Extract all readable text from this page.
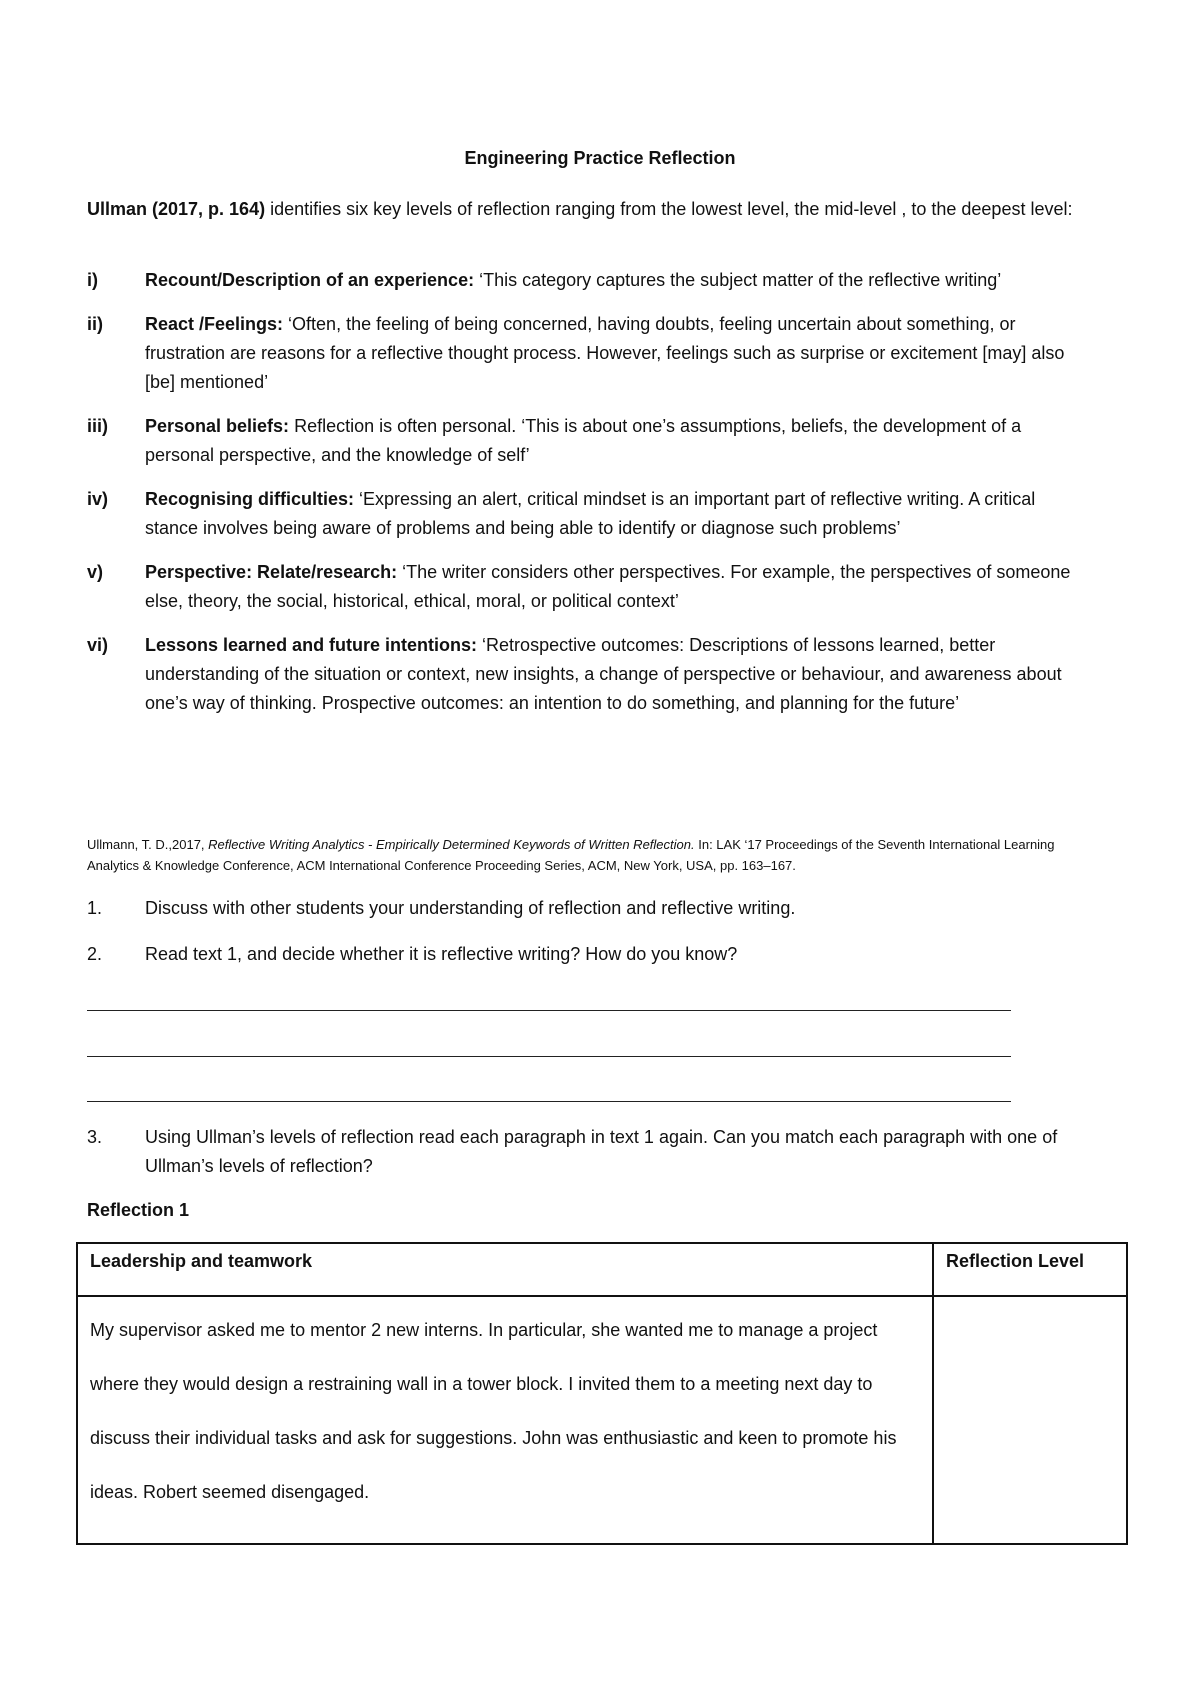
Engineering Practice Reflection
Ullman (2017, p. 164) identifies six key levels of reflection ranging from the lowest level, the mid-level , to the deepest level:
i)	Recount/Description of an experience: ‘This category captures the subject matter of the reflective writing’
ii)	React /Feelings: ‘Often, the feeling of being concerned, having doubts, feeling uncertain about something, or frustration are reasons for a reflective thought process. However, feelings such as surprise or excitement [may] also [be] mentioned’
iii)	Personal beliefs: Reflection is often personal. ‘This is about one’s assumptions, beliefs, the development of a personal perspective, and the knowledge of self’
iv)	Recognising difficulties: ‘Expressing an alert, critical mindset is an important part of reflective writing. A critical stance involves being aware of problems and being able to identify or diagnose such problems’
v)	Perspective: Relate/research: ‘The writer considers other perspectives. For example, the perspectives of someone else, theory, the social, historical, ethical, moral, or political context’
vi)	Lessons learned and future intentions: ‘Retrospective outcomes: Descriptions of lessons learned, better understanding of the situation or context, new insights, a change of perspective or behaviour, and awareness about one’s way of thinking. Prospective outcomes: an intention to do something, and planning for the future’
Ullmann, T. D.,2017, Reflective Writing Analytics - Empirically Determined Keywords of Written Reflection. In: LAK ‘17 Proceedings of the Seventh International Learning Analytics & Knowledge Conference, ACM International Conference Proceeding Series, ACM, New York, USA, pp. 163–167.
1.	Discuss with other students your understanding of reflection and reflective writing.
2.	Read text 1, and decide whether it is reflective writing? How do you know?
3.	Using Ullman’s levels of reflection read each paragraph in text 1 again. Can you match each paragraph with one of Ullman’s levels of reflection?
Reflection 1
Leadership and teamwork	Reflection Level
My supervisor asked me to mentor 2 new interns. In particular, she wanted me to manage a project where they would design a restraining wall in a tower block. I invited them to a meeting next day to discuss their individual tasks and ask for suggestions. John was enthusiastic and keen to promote his ideas. Robert seemed disengaged.	
